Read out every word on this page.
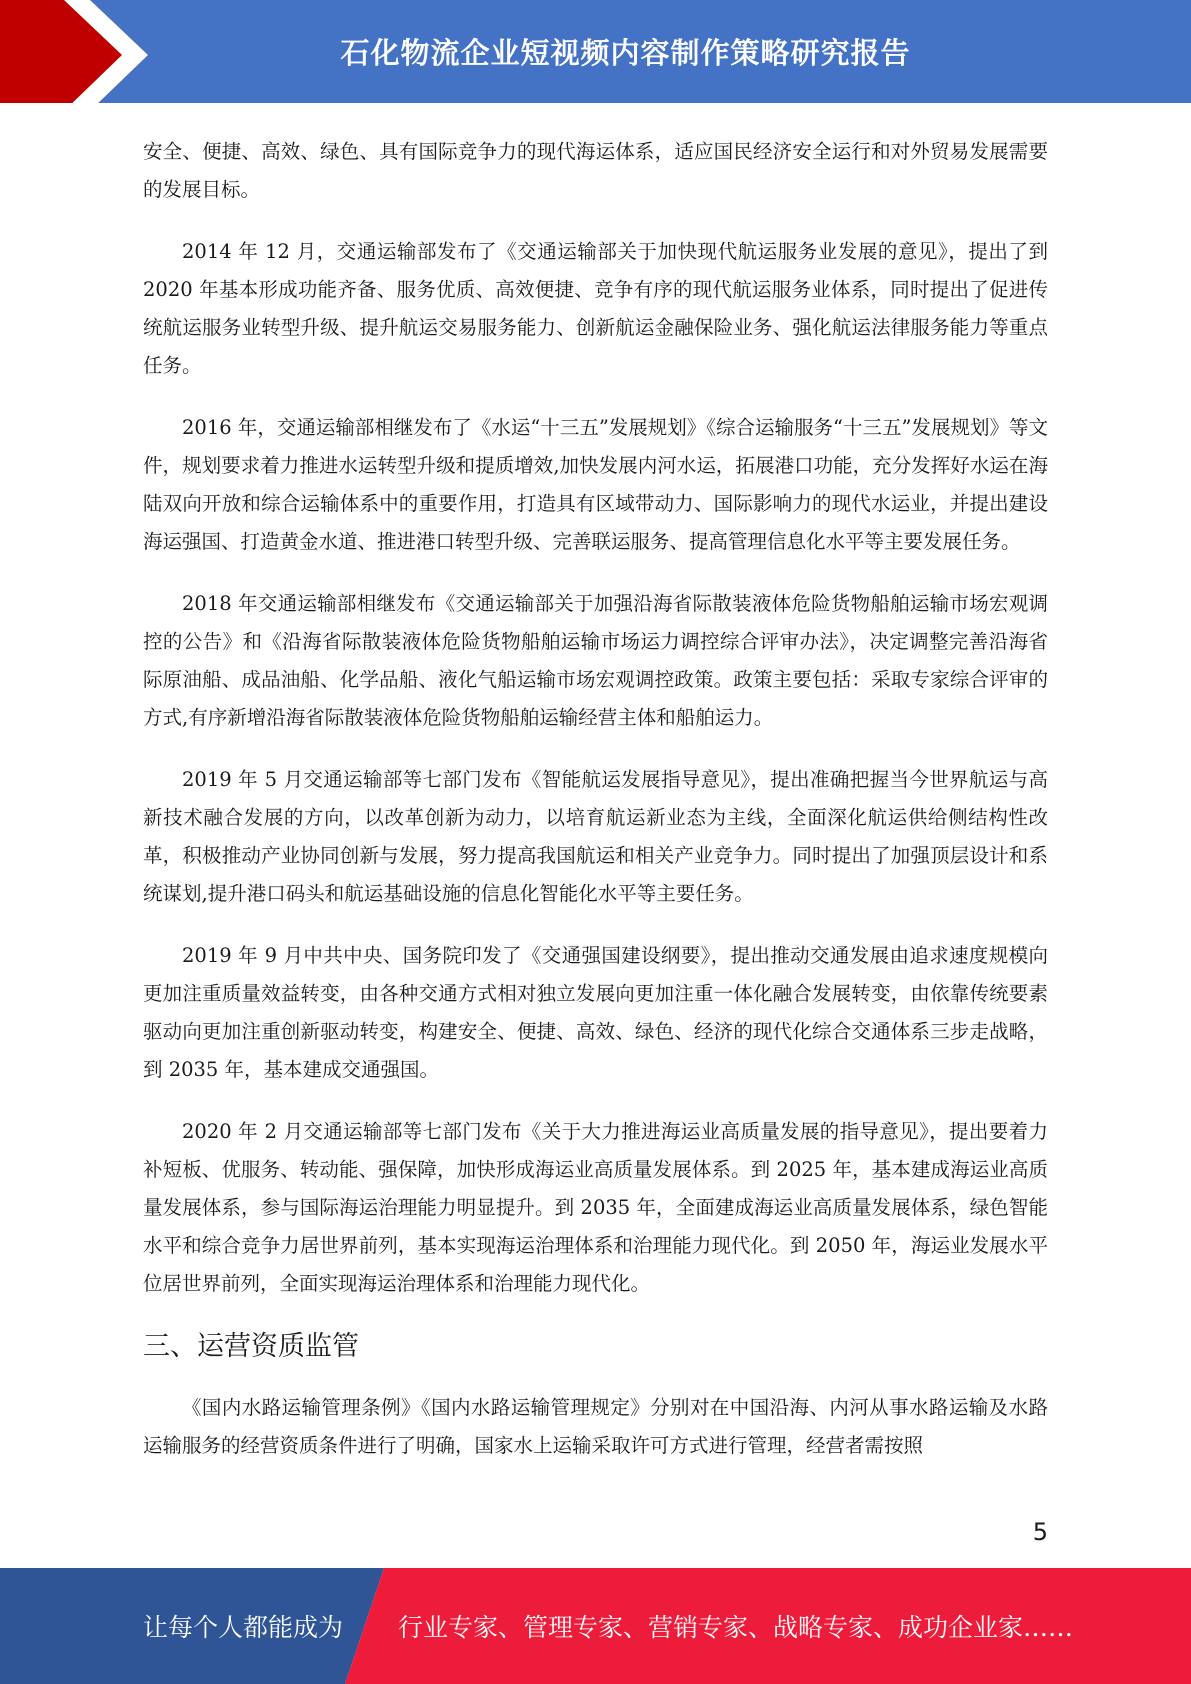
石化物流企业短视频内容制作策略研究报告

安全、便捷、高效、绿色、具有国际竞争力的现代海运体系，适应国民经济安全运行和对外贸易发展需要的发展目标。

2014 年 12 月，交通运输部发布了《交通运输部关于加快现代航运服务业发展的意见》，提出了到 2020 年基本形成功能齐备、服务优质、高效便捷、竞争有序的现代航运服务业体系，同时提出了促进传统航运服务业转型升级、提升航运交易服务能力、创新航运金融保险业务、强化航运法律服务能力等重点任务。

2016 年，交通运输部相继发布了《水运“十三五”发展规划》《综合运输服务“十三五”发展规划》等文件，规划要求着力推进水运转型升级和提质增效,加快发展内河水运，拓展港口功能，充分发挥好水运在海陆双向开放和综合运输体系中的重要作用，打造具有区域带动力、国际影响力的现代水运业，并提出建设海运强国、打造黄金水道、推进港口转型升级、完善联运服务、提高管理信息化水平等主要发展任务。

2018 年交通运输部相继发布《交通运输部关于加强沿海省际散装液体危险货物船舶运输市场宏观调控的公告》和《沿海省际散装液体危险货物船舶运输市场运力调控综合评审办法》，决定调整完善沿海省际原油船、成品油船、化学品船、液化气船运输市场宏观调控政策。政策主要包括：采取专家综合评审的方式,有序新增沿海省际散装液体危险货物船舶运输经营主体和船舶运力。

2019 年 5 月交通运输部等七部门发布《智能航运发展指导意见》，提出准确把握当今世界航运与高新技术融合发展的方向，以改革创新为动力，以培育航运新业态为主线，全面深化航运供给侧结构性改革，积极推动产业协同创新与发展，努力提高我国航运和相关产业竞争力。同时提出了加强顶层设计和系统谋划,提升港口码头和航运基础设施的信息化智能化水平等主要任务。

2019 年 9 月中共中央、国务院印发了《交通强国建设纲要》，提出推动交通发展由追求速度规模向更加注重质量效益转变，由各种交通方式相对独立发展向更加注重一体化融合发展转变，由依靠传统要素驱动向更加注重创新驱动转变，构建安全、便捷、高效、绿色、经济的现代化综合交通体系三步走战略，到 2035 年，基本建成交通强国。

2020 年 2 月交通运输部等七部门发布《关于大力推进海运业高质量发展的指导意见》，提出要着力补短板、优服务、转动能、强保障，加快形成海运业高质量发展体系。到 2025 年，基本建成海运业高质量发展体系，参与国际海运治理能力明显提升。到 2035 年，全面建成海运业高质量发展体系，绿色智能水平和综合竞争力居世界前列，基本实现海运治理体系和治理能力现代化。到 2050 年，海运业发展水平位居世界前列，全面实现海运治理体系和治理能力现代化。

三、运营资质监管

《国内水路运输管理条例》《国内水路运输管理规定》分别对在中国沿海、内河从事水路运输及水路运输服务的经营资质条件进行了明确，国家水上运输采取许可方式进行管理，经营者需按照

5
让每个人都能成为 行业专家、管理专家、营销专家、战略专家、成功企业家……
